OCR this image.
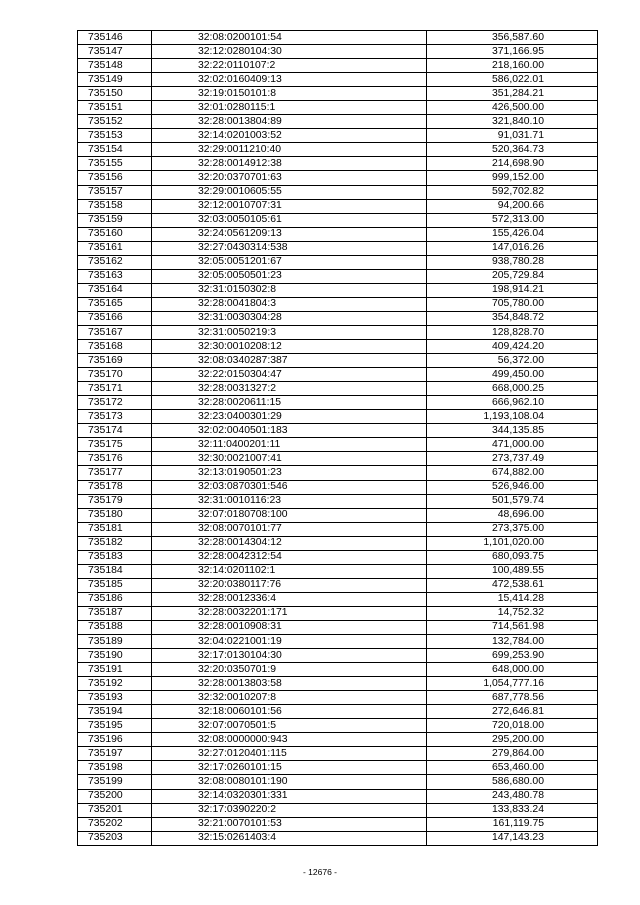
735146	32:08:0200101:54	356,587.60
735147	32:12:0280104:30	371,166.95
735148	32:22:0110107:2	218,160.00
735149	32:02:0160409:13	586,022.01
735150	32:19:0150101:8	351,284.21
735151	32:01:0280115:1	426,500.00
735152	32:28:0013804:89	321,840.10
735153	32:14:0201003:52	91,031.71
735154	32:29:0011210:40	520,364.73
735155	32:28:0014912:38	214,698.90
735156	32:20:0370701:63	999,152.00
735157	32:29:0010605:55	592,702.82
735158	32:12:0010707:31	94,200.66
735159	32:03:0050105:61	572,313.00
735160	32:24:0561209:13	155,426.04
735161	32:27:0430314:538	147,016.26
735162	32:05:0051201:67	938,780.28
735163	32:05:0050501:23	205,729.84
735164	32:31:0150302:8	198,914.21
735165	32:28:0041804:3	705,780.00
735166	32:31:0030304:28	354,848.72
735167	32:31:0050219:3	128,828.70
735168	32:30:0010208:12	409,424.20
735169	32:08:0340287:387	56,372.00
735170	32:22:0150304:47	499,450.00
735171	32:28:0031327:2	668,000.25
735172	32:28:0020611:15	666,962.10
735173	32:23:0400301:29	1,193,108.04
735174	32:02:0040501:183	344,135.85
735175	32:11:0400201:11	471,000.00
735176	32:30:0021007:41	273,737.49
735177	32:13:0190501:23	674,882.00
735178	32:03:0870301:546	526,946.00
735179	32:31:0010116:23	501,579.74
735180	32:07:0180708:100	48,696.00
735181	32:08:0070101:77	273,375.00
735182	32:28:0014304:12	1,101,020.00
735183	32:28:0042312:54	680,093.75
735184	32:14:0201102:1	100,489.55
735185	32:20:0380117:76	472,538.61
735186	32:28:0012336:4	15,414.28
735187	32:28:0032201:171	14,752.32
735188	32:28:0010908:31	714,561.98
735189	32:04:0221001:19	132,784.00
735190	32:17:0130104:30	699,253.90
735191	32:20:0350701:9	648,000.00
735192	32:28:0013803:58	1,054,777.16
735193	32:32:0010207:8	687,778.56
735194	32:18:0060101:56	272,646.81
735195	32:07:0070501:5	720,018.00
735196	32:08:0000000:943	295,200.00
735197	32:27:0120401:115	279,864.00
735198	32:17:0260101:15	653,460.00
735199	32:08:0080101:190	586,680.00
735200	32:14:0320301:331	243,480.78
735201	32:17:0390220:2	133,833.24
735202	32:21:0070101:53	161,119.75
735203	32:15:0261403:4	147,143.23
- 12676 -
